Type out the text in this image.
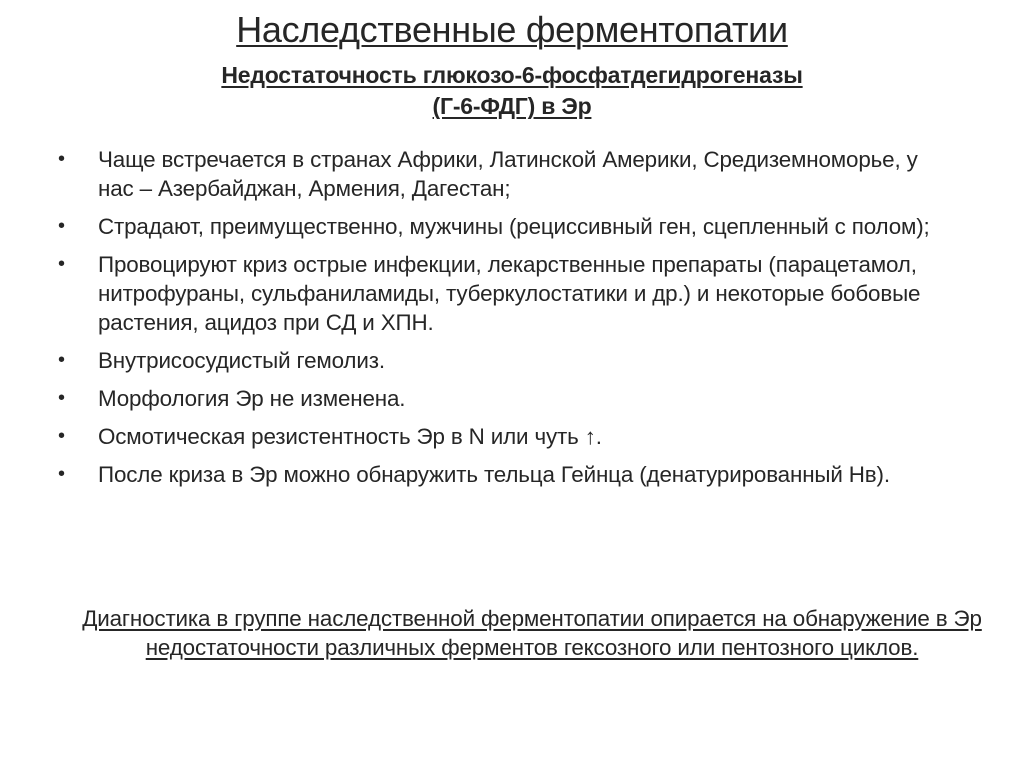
Наследственные ферментопатии
Недостаточность глюкозо-6-фосфатдегидрогеназы
(Г-6-ФДГ) в Эр
• Чаще встречается в странах Африки, Латинской Америки, Средиземноморье, у нас – Азербайджан, Армения, Дагестан;
• Страдают, преимущественно, мужчины (рециссивный ген, сцепленный с полом);
• Провоцируют криз острые инфекции, лекарственные препараты (парацетамол, нитрофураны, сульфаниламиды, туберкулостатики и др.) и некоторые бобовые растения, ацидоз при СД и ХПН.
• Внутрисосудистый гемолиз.
• Морфология Эр не изменена.
• Осмотическая резистентность Эр в N или чуть ↑.
• После криза в Эр можно обнаружить тельца Гейнца (денатурированный Нв).
Диагностика в группе наследственной ферментопатии опирается на обнаружение в Эр недостаточности различных ферментов гексозного или пентозного циклов.
